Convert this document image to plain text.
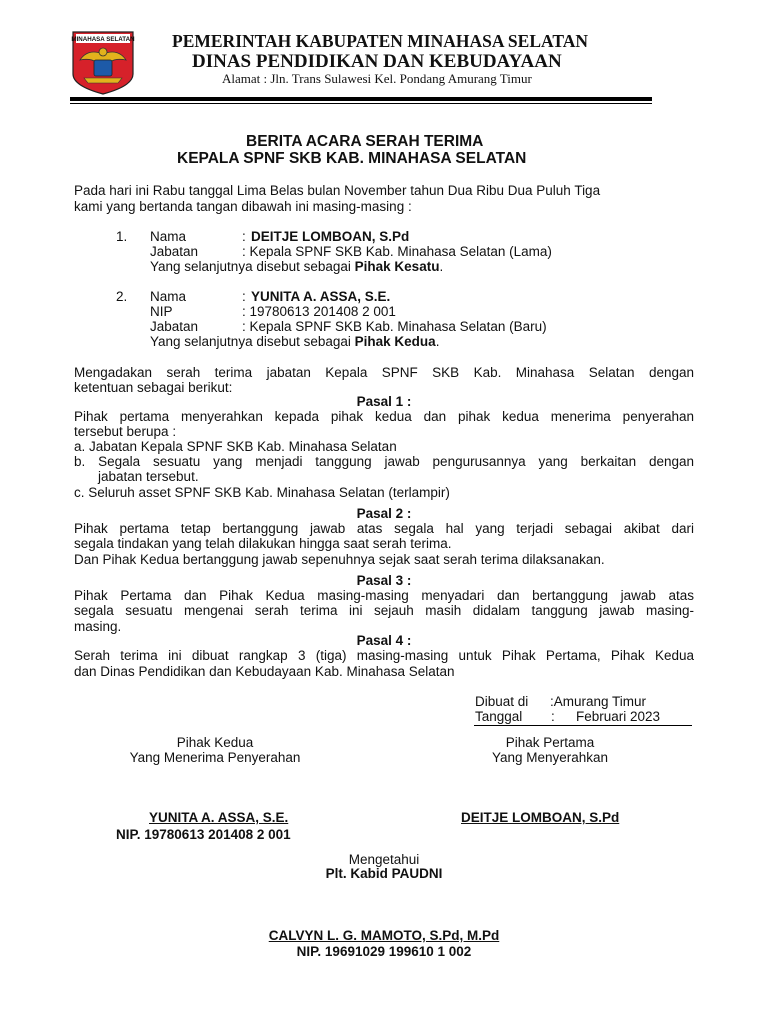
MINAHASA SELATAN PEMERINTAH KABUPATEN MINAHASA SELATAN
DINAS PENDIDIKAN DAN KEBUDAYAAN
Alamat : Jln. Trans Sulawesi Kel. Pondang Amurang Timur
BERITA ACARA SERAH TERIMA
KEPALA SPNF SKB KAB. MINAHASA SELATAN
Pada hari ini Rabu tanggal Lima Belas bulan November tahun Dua Ribu Dua Puluh Tiga
kami yang bertanda tangan dibawah ini masing-masing :
1. Nama	: DEITJE LOMBOAN, S.Pd
Jabatan	: Kepala SPNF SKB Kab. Minahasa Selatan (Lama)
Yang selanjutnya disebut sebagai Pihak Kesatu.
2. Nama	: YUNITA A. ASSA, S.E.
NIP	: 19780613 201408 2 001
Jabatan	: Kepala SPNF SKB Kab. Minahasa Selatan (Baru)
Yang selanjutnya disebut sebagai Pihak Kedua.
Mengadakan serah terima jabatan Kepala SPNF SKB Kab. Minahasa Selatan dengan
ketentuan sebagai berikut:
Pasal 1 :
Pihak pertama menyerahkan kepada pihak kedua dan pihak kedua menerima penyerahan
tersebut berupa :
a. Jabatan Kepala SPNF SKB Kab. Minahasa Selatan
b. Segala sesuatu yang menjadi tanggung jawab pengurusannya yang berkaitan dengan
jabatan tersebut.
c. Seluruh asset SPNF SKB Kab. Minahasa Selatan (terlampir)
Pasal 2 :
Pihak pertama tetap bertanggung jawab atas segala hal yang terjadi sebagai akibat dari
segala tindakan yang telah dilakukan hingga saat serah terima.
Dan Pihak Kedua bertanggung jawab sepenuhnya sejak saat serah terima dilaksanakan.
Pasal 3 :
Pihak Pertama dan Pihak Kedua masing-masing menyadari dan bertanggung jawab atas
segala sesuatu mengenai serah terima ini sejauh masih didalam tanggung jawab masing-
masing.
Pasal 4 :
Serah terima ini dibuat rangkap 3 (tiga) masing-masing untuk Pihak Pertama, Pihak Kedua
dan Dinas Pendidikan dan Kebudayaan Kab. Minahasa Selatan
Dibuat di :Amurang Timur
Tanggal : Februari 2023
Pihak Kedua
Yang Menerima Penyerahan
Pihak Pertama
Yang Menyerahkan
YUNITA A. ASSA, S.E.
NIP. 19780613 201408 2 001
DEITJE LOMBOAN, S.Pd
Mengetahui
Plt. Kabid PAUDNI
CALVYN L. G. MAMOTO, S.Pd, M.Pd
NIP. 19691029 199610 1 002
